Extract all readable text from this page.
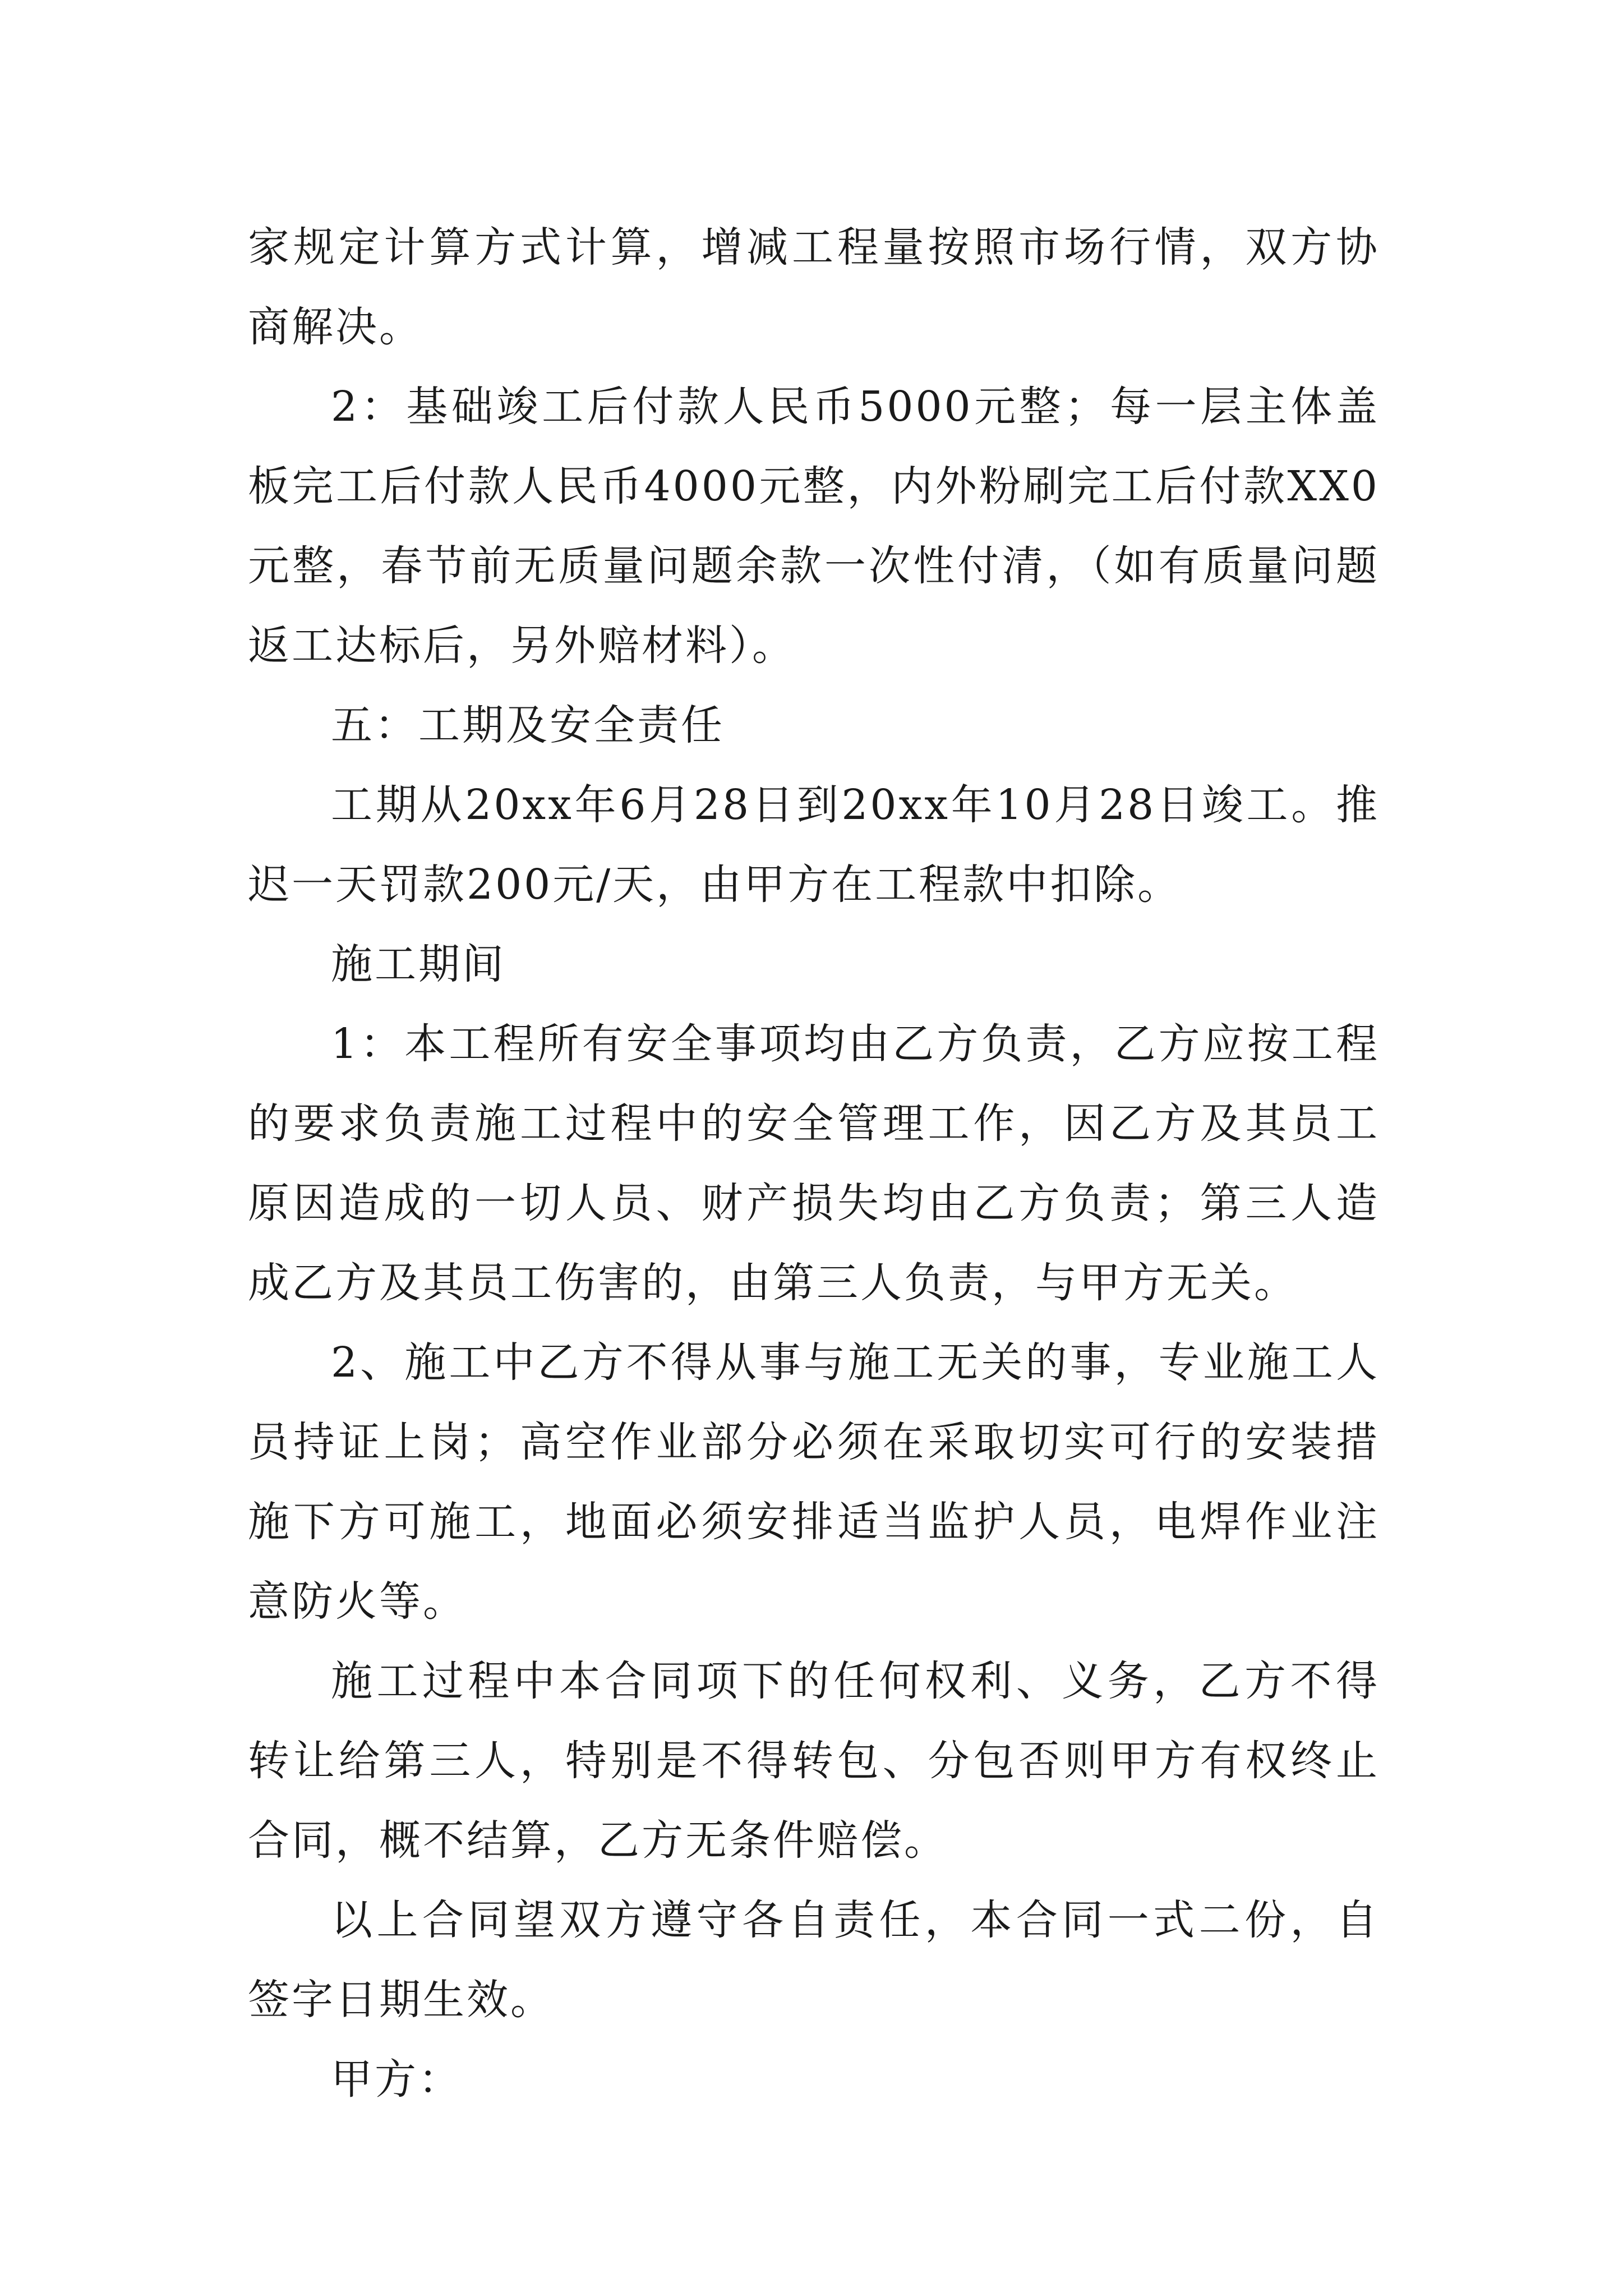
家规定计算方式计算，增减工程量按照市场行情，双方协商解决。

2：基础竣工后付款人民币5000元整；每一层主体盖板完工后付款人民币4000元整，内外粉刷完工后付款XX0元整，春节前无质量问题余款一次性付清，（如有质量问题返工达标后，另外赔材料）。

五：工期及安全责任

工期从20xx年6月28日到20xx年10月28日竣工。推迟一天罚款200元/天，由甲方在工程款中扣除。

施工期间

1：本工程所有安全事项均由乙方负责，乙方应按工程的要求负责施工过程中的安全管理工作，因乙方及其员工原因造成的一切人员、财产损失均由乙方负责；第三人造成乙方及其员工伤害的，由第三人负责，与甲方无关。

2、施工中乙方不得从事与施工无关的事，专业施工人员持证上岗；高空作业部分必须在采取切实可行的安装措施下方可施工，地面必须安排适当监护人员，电焊作业注意防火等。

施工过程中本合同项下的任何权利、义务，乙方不得转让给第三人，特别是不得转包、分包否则甲方有权终止合同，概不结算，乙方无条件赔偿。

以上合同望双方遵守各自责任，本合同一式二份，自签字日期生效。

甲方：
